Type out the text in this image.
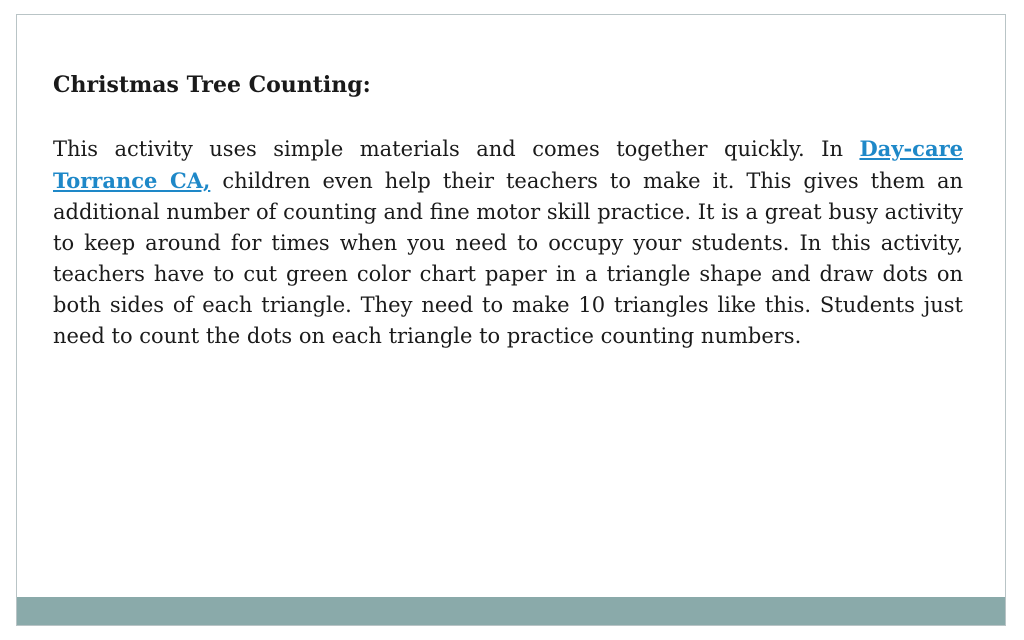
Christmas Tree Counting:

This activity uses simple materials and comes together quickly. In Day-care Torrance CA, children even help their teachers to make it. This gives them an additional number of counting and fine motor skill practice. It is a great busy activity to keep around for times when you need to occupy your students. In this activity, teachers have to cut green color chart paper in a triangle shape and draw dots on both sides of each triangle. They need to make 10 triangles like this. Students just need to count the dots on each triangle to practice counting numbers.
